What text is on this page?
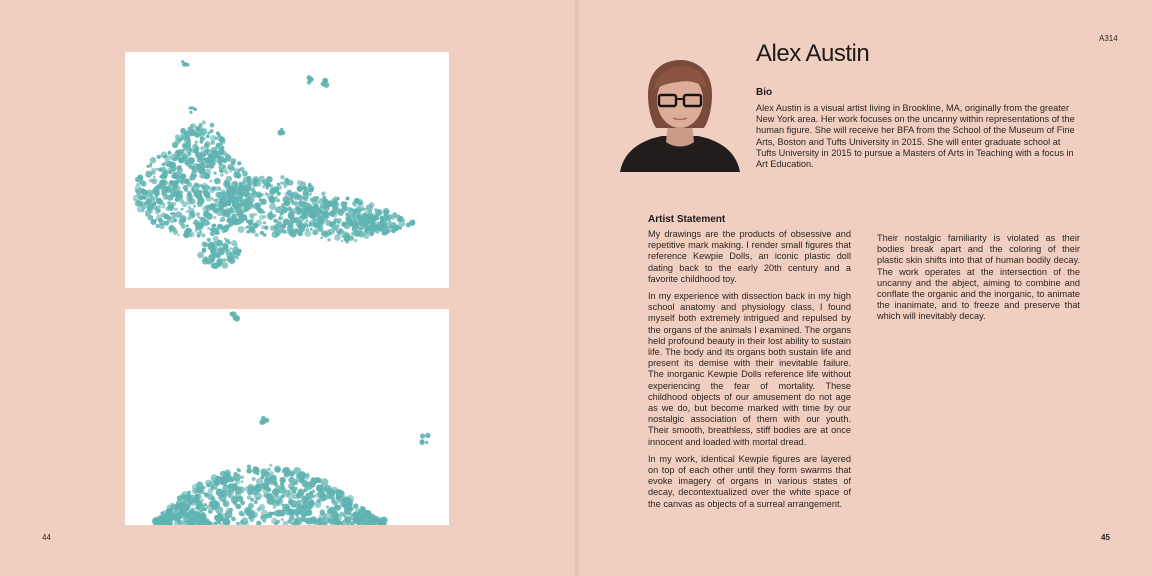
44	45
A314
Alex Austin
Bio
Alex Austin is a visual artist living in Brookline, MA, originally from the greater New York area. Her work focuses on the uncanny within representations of the human figure. She will receive her BFA from the School of the Museum of Fine Arts, Boston and Tufts University in 2015. She will enter graduate school at Tufts University in 2015 to pursue a Masters of Arts in Teaching with a focus in Art Education.
Artist Statement

My drawings are the products of obsessive and repetitive mark making. I render small figures that reference Kewpie Dolls, an iconic plastic doll dating back to the early 20th century and a favorite childhood toy.

In my experience with dissection back in my high school anatomy and physiology class, I found myself both extremely intrigued and repulsed by the organs of the animals I examined. The organs held profound beauty in their lost ability to sustain life. The body and its organs both sustain life and present its demise with their inevitable failure. The inorganic Kewpie Dolls reference life without experiencing the fear of mortality. These childhood objects of our amusement do not age as we do, but become marked with time by our nostalgic association of them with our youth. Their smooth, breathless, stiff bodies are at once innocent and loaded with mortal dread.

In my work, identical Kewpie figures are layered on top of each other until they form swarms that evoke imagery of organs in various states of decay, decontextualized over the white space of the canvas as objects of a surreal arrangement.

Their nostalgic familiarity is violated as their bodies break apart and the coloring of their plastic skin shifts into that of human bodily decay. The work operates at the intersection of the uncanny and the abject, aiming to combine and conflate the organic and the inorganic, to animate the inanimate, and to freeze and preserve that which will inevitably decay.
